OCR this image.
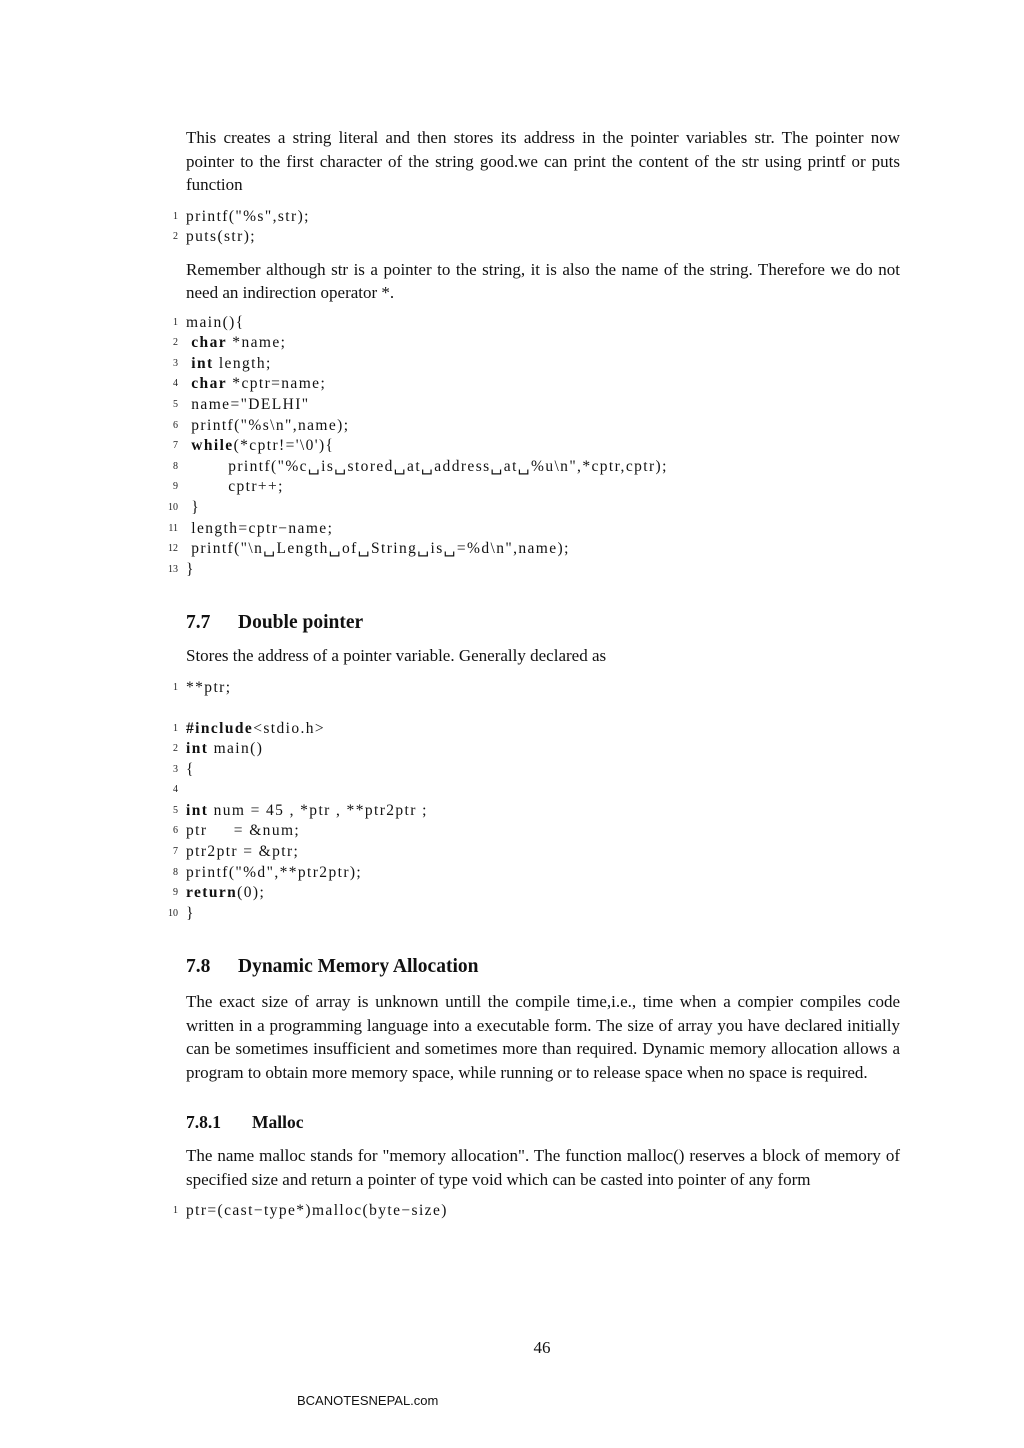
This creates a string literal and then stores its address in the pointer variables str. The pointer now pointer to the first character of the string good.we can print the content of the str using printf or puts function

1 printf("%s",str);
2 puts(str);

Remember although str is a pointer to the string, it is also the name of the string. Therefore we do not need an indirection operator *.

1 main(){
2 char *name;
3 int length;
4 char *cptr=name;
5 name="DELHI"
6 printf("%s\n",name);
7 while(*cptr!='\0'){
8 printf("%c␣is␣stored␣at␣address␣at␣%u\n",*cptr,cptr);
9 cptr++;
10 }
11 length=cptr−name;
12 printf("\n␣Length␣of␣String␣is␣=%d\n",name);
13 }
7.7 Double pointer

Stores the address of a pointer variable. Generally declared as

1 **ptr;
1 #include<stdio.h>
2 int main()
3 {
4
5 int num = 45 , *ptr , **ptr2ptr ;
6 ptr     = &num;
7 ptr2ptr = &ptr;
8 printf("%d",**ptr2ptr);
9 return(0);
10 }
7.8 Dynamic Memory Allocation

The exact size of array is unknown untill the compile time,i.e., time when a compier compiles code written in a programming language into a executable form. The size of array you have declared initially can be sometimes insufficient and sometimes more than required. Dynamic memory allocation allows a program to obtain more memory space, while running or to release space when no space is required.

7.8.1 Malloc

The name malloc stands for "memory allocation". The function malloc() reserves a block of memory of specified size and return a pointer of type void which can be casted into pointer of any form

1 ptr=(cast−type*)malloc(byte−size)
46
BCANOTESNEPAL.com
